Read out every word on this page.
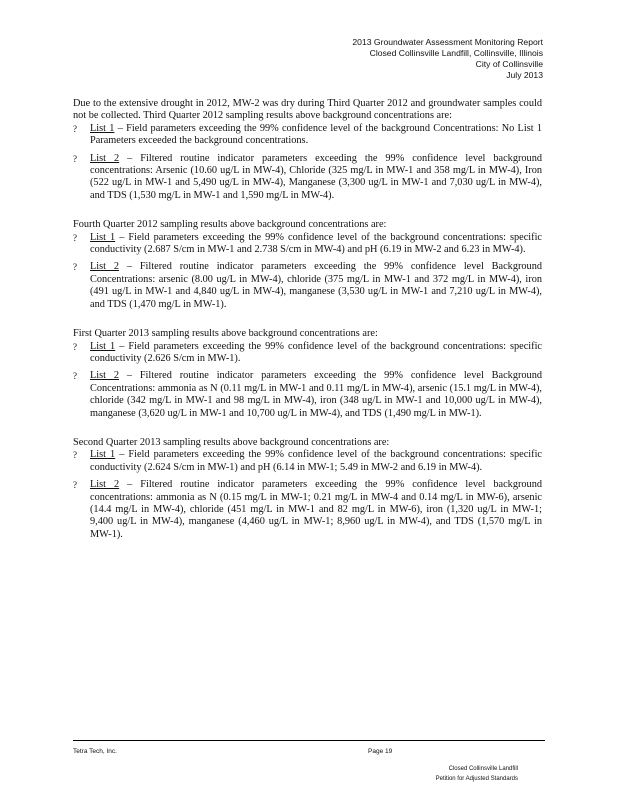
2013 Groundwater Assessment Monitoring Report
Closed Collinsville Landfill, Collinsville, Illinois
City of Collinsville
July 2013

Due to the extensive drought in 2012, MW-2 was dry during Third Quarter 2012 and groundwater samples could not be collected. Third Quarter 2012 sampling results above background concentrations are:

? List 1 – Field parameters exceeding the 99% confidence level of the background Concentrations: No List 1 Parameters exceeded the background concentrations.
? List 2 – Filtered routine indicator parameters exceeding the 99% confidence level background concentrations: Arsenic (10.60 ug/L in MW-4), Chloride (325 mg/L in MW-1 and 358 mg/L in MW-4), Iron (522 ug/L in MW-1 and 5,490 ug/L in MW-4), Manganese (3,300 ug/L in MW-1 and 7,030 ug/L in MW-4), and TDS (1,530 mg/L in MW-1 and 1,590 mg/L in MW-4).

Fourth Quarter 2012 sampling results above background concentrations are:

? List 1 – Field parameters exceeding the 99% confidence level of the background concentrations: specific conductivity (2.687 S/cm in MW-1 and 2.738 S/cm in MW-4) and pH (6.19 in MW-2 and 6.23 in MW-4).
? List 2 – Filtered routine indicator parameters exceeding the 99% confidence level Background Concentrations: arsenic (8.00 ug/L in MW-4), chloride (375 mg/L in MW-1 and 372 mg/L in MW-4), iron (491 ug/L in MW-1 and 4,840 ug/L in MW-4), manganese (3,530 ug/L in MW-1 and 7,210 ug/L in MW-4), and TDS (1,470 mg/L in MW-1).

First Quarter 2013 sampling results above background concentrations are:

? List 1 – Field parameters exceeding the 99% confidence level of the background concentrations: specific conductivity (2.626 S/cm in MW-1).
? List 2 – Filtered routine indicator parameters exceeding the 99% confidence level Background Concentrations: ammonia as N (0.11 mg/L in MW-1 and 0.11 mg/L in MW-4), arsenic (15.1 mg/L in MW-4), chloride (342 mg/L in MW-1 and 98 mg/L in MW-4), iron (348 ug/L in MW-1 and 10,000 ug/L in MW-4), manganese (3,620 ug/L in MW-1 and 10,700 ug/L in MW-4), and TDS (1,490 mg/L in MW-1).

Second Quarter 2013 sampling results above background concentrations are:

? List 1 – Field parameters exceeding the 99% confidence level of the background concentrations: specific conductivity (2.624 S/cm in MW-1) and pH (6.14 in MW-1; 5.49 in MW-2 and 6.19 in MW-4).
? List 2 – Filtered routine indicator parameters exceeding the 99% confidence level background concentrations: ammonia as N (0.15 mg/L in MW-1; 0.21 mg/L in MW-4 and 0.14 mg/L in MW-6), arsenic (14.4 mg/L in MW-4), chloride (451 mg/L in MW-1 and 82 mg/L in MW-6), iron (1,320 ug/L in MW-1; 9,400 ug/L in MW-4), manganese (4,460 ug/L in MW-1; 8,960 ug/L in MW-4), and TDS (1,570 mg/L in MW-1).
Tetra Tech, Inc.	Page 19
Closed Collinsville Landfill
Petition for Adjusted Standards
